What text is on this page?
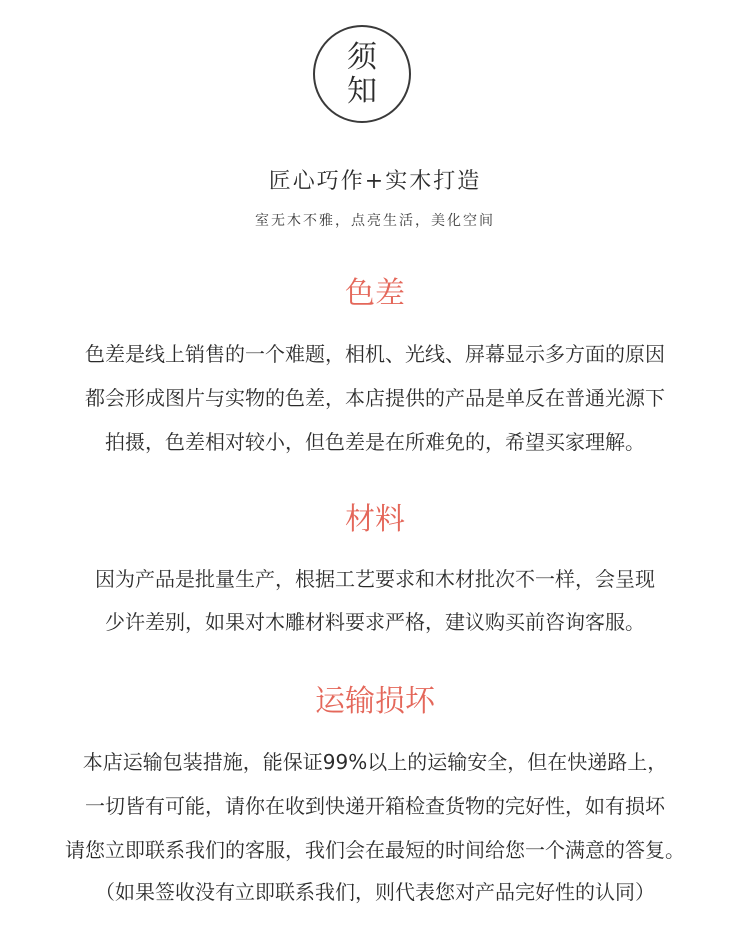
须
知
匠心巧作+实木打造
室无木不雅，点亮生活，美化空间
色差
色差是线上销售的一个难题，相机、光线、屏幕显示多方面的原因
都会形成图片与实物的色差，本店提供的产品是单反在普通光源下
拍摄，色差相对较小，但色差是在所难免的，希望买家理解。
材料
因为产品是批量生产，根据工艺要求和木材批次不一样，会呈现
少许差别，如果对木雕材料要求严格，建议购买前咨询客服。
运输损坏
本店运输包装措施，能保证99%以上的运输安全，但在快递路上，
一切皆有可能，请你在收到快递开箱检查货物的完好性，如有损坏
请您立即联系我们的客服，我们会在最短的时间给您一个满意的答复。
（如果签收没有立即联系我们，则代表您对产品完好性的认同）
